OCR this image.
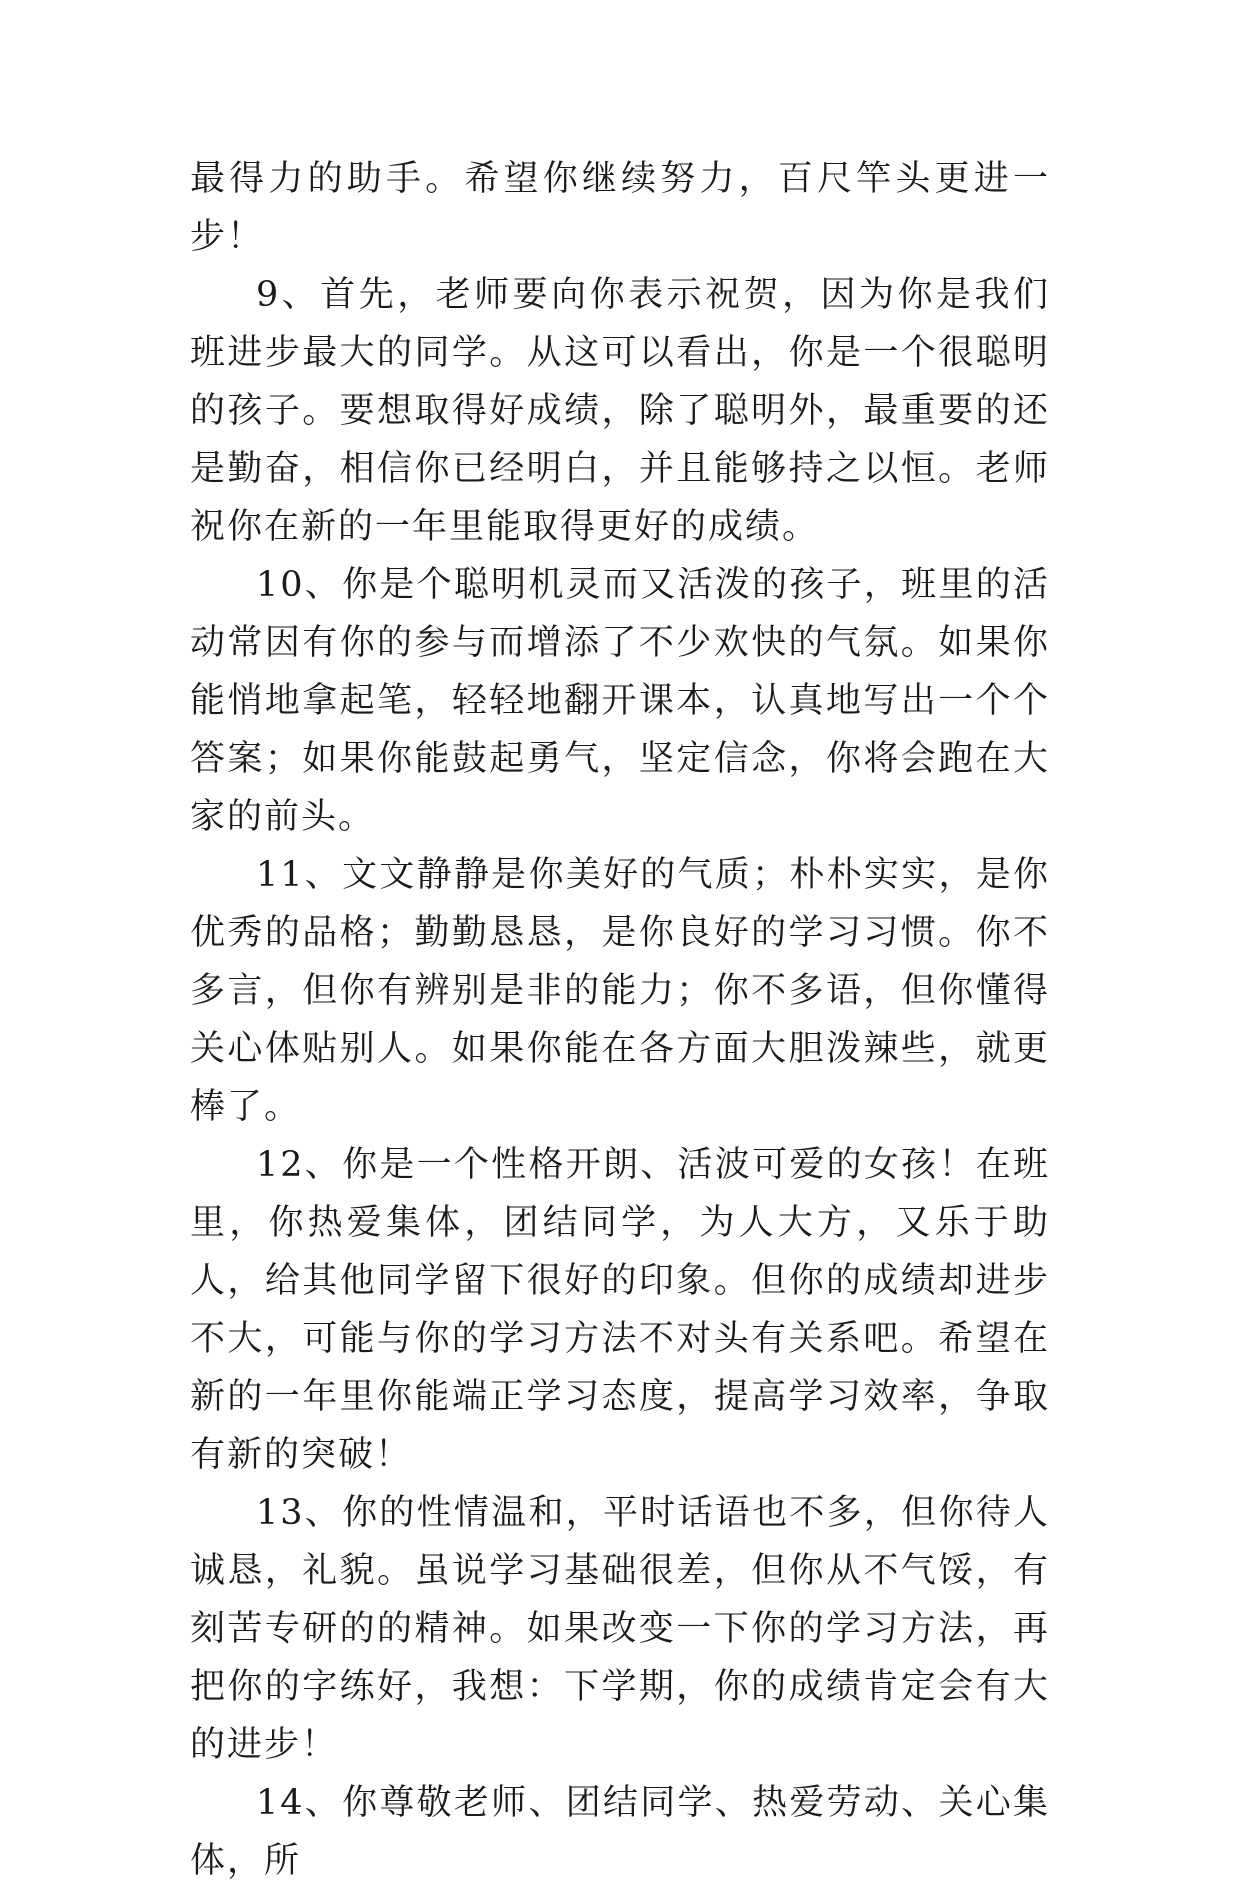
最得力的助手。希望你继续努力，百尺竿头更进一步！

9、首先，老师要向你表示祝贺，因为你是我们班进步最大的同学。从这可以看出，你是一个很聪明的孩子。要想取得好成绩，除了聪明外，最重要的还是勤奋，相信你已经明白，并且能够持之以恒。老师祝你在新的一年里能取得更好的成绩。

10、你是个聪明机灵而又活泼的孩子，班里的活动常因有你的参与而增添了不少欢快的气氛。如果你能悄地拿起笔，轻轻地翻开课本，认真地写出一个个答案；如果你能鼓起勇气，坚定信念，你将会跑在大家的前头。

11、文文静静是你美好的气质；朴朴实实，是你优秀的品格；勤勤恳恳，是你良好的学习习惯。你不多言，但你有辨别是非的能力；你不多语，但你懂得关心体贴别人。如果你能在各方面大胆泼辣些，就更棒了。

12、你是一个性格开朗、活波可爱的女孩！在班里，你热爱集体，团结同学，为人大方，又乐于助人，给其他同学留下很好的印象。但你的成绩却进步不大，可能与你的学习方法不对头有关系吧。希望在新的一年里你能端正学习态度，提高学习效率，争取有新的突破！

13、你的性情温和，平时话语也不多，但你待人诚恳，礼貌。虽说学习基础很差，但你从不气馁，有刻苦专研的的精神。如果改变一下你的学习方法，再把你的字练好，我想：下学期，你的成绩肯定会有大的进步！

14、你尊敬老师、团结同学、热爱劳动、关心集体，所
